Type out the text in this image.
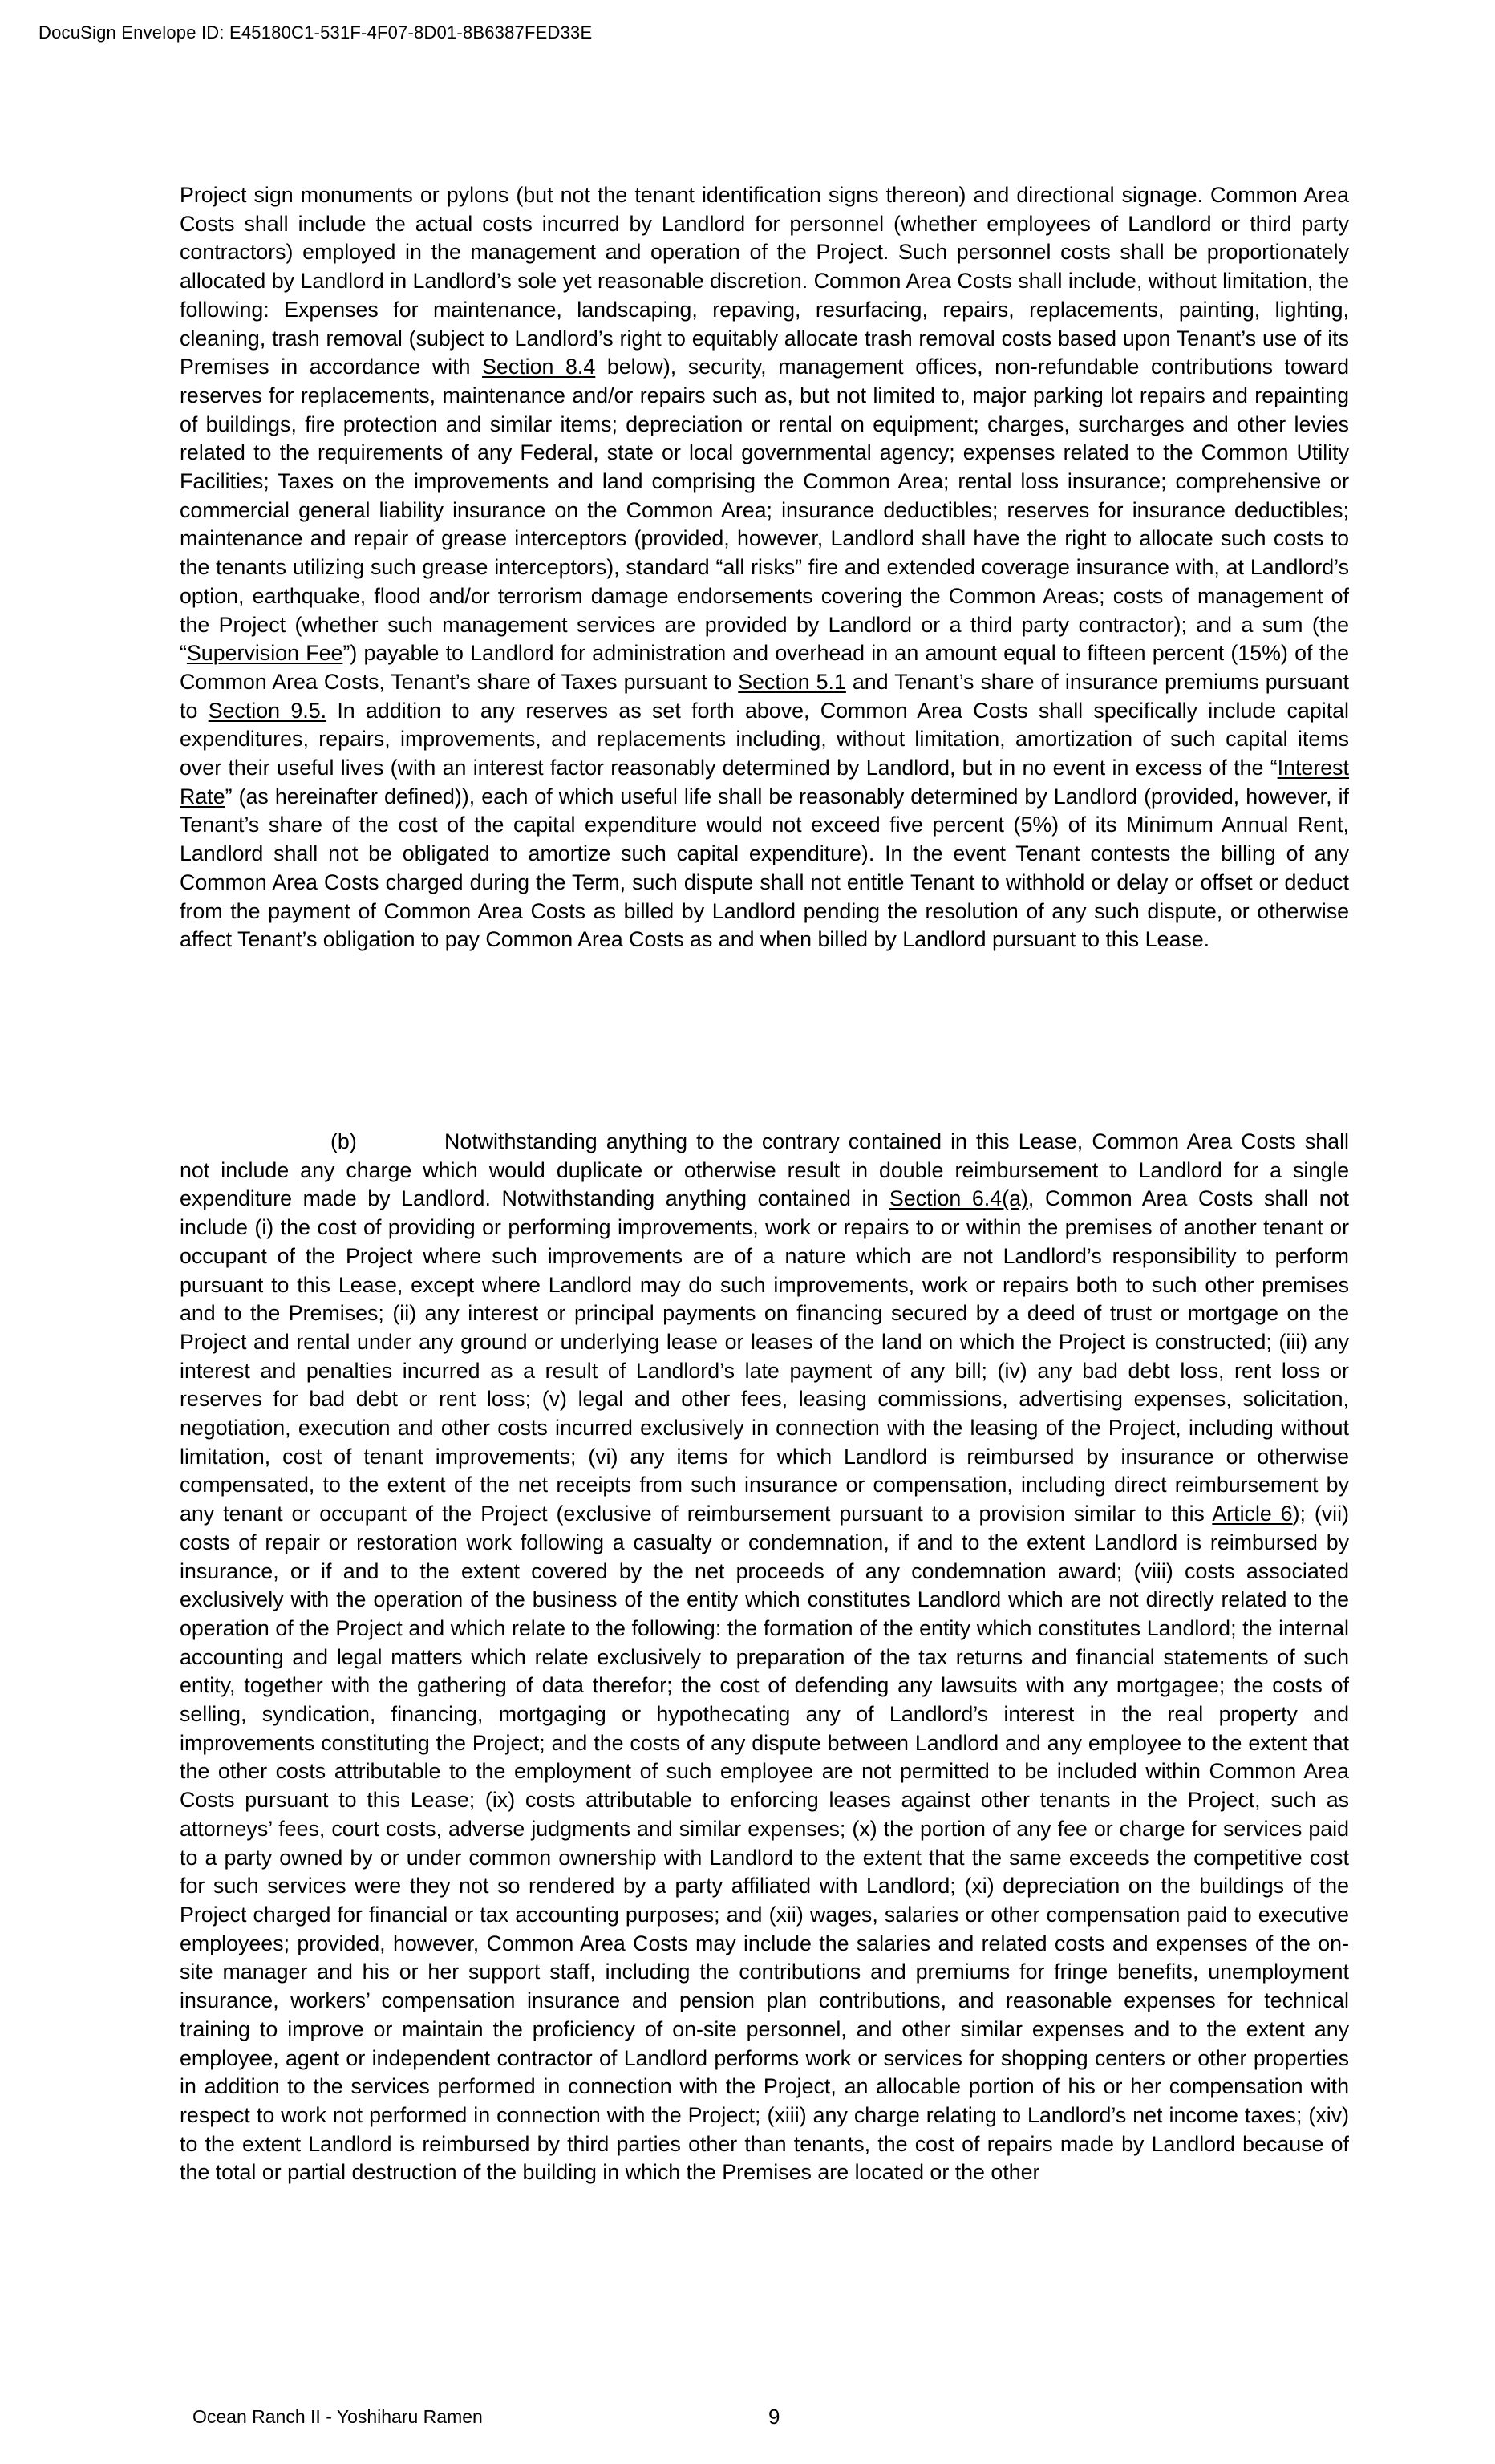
DocuSign Envelope ID: E45180C1-531F-4F07-8D01-8B6387FED33E

Project sign monuments or pylons (but not the tenant identification signs thereon) and directional signage. Common Area Costs shall include the actual costs incurred by Landlord for personnel (whether employees of Landlord or third party contractors) employed in the management and operation of the Project. Such personnel costs shall be proportionately allocated by Landlord in Landlord’s sole yet reasonable discretion. Common Area Costs shall include, without limitation, the following: Expenses for maintenance, landscaping, repaving, resurfacing, repairs, replacements, painting, lighting, cleaning, trash removal (subject to Landlord’s right to equitably allocate trash removal costs based upon Tenant’s use of its Premises in accordance with Section 8.4 below), security, management offices, non-refundable contributions toward reserves for replacements, maintenance and/or repairs such as, but not limited to, major parking lot repairs and repainting of buildings, fire protection and similar items; depreciation or rental on equipment; charges, surcharges and other levies related to the requirements of any Federal, state or local governmental agency; expenses related to the Common Utility Facilities; Taxes on the improvements and land comprising the Common Area; rental loss insurance; comprehensive or commercial general liability insurance on the Common Area; insurance deductibles; reserves for insurance deductibles; maintenance and repair of grease interceptors (provided, however, Landlord shall have the right to allocate such costs to the tenants utilizing such grease interceptors), standard “all risks” fire and extended coverage insurance with, at Landlord’s option, earthquake, flood and/or terrorism damage endorsements covering the Common Areas; costs of management of the Project (whether such management services are provided by Landlord or a third party contractor); and a sum (the “Supervision Fee”) payable to Landlord for administration and overhead in an amount equal to fifteen percent (15%) of the Common Area Costs, Tenant’s share of Taxes pursuant to Section 5.1 and Tenant’s share of insurance premiums pursuant to Section 9.5. In addition to any reserves as set forth above, Common Area Costs shall specifically include capital expenditures, repairs, improvements, and replacements including, without limitation, amortization of such capital items over their useful lives (with an interest factor reasonably determined by Landlord, but in no event in excess of the “Interest Rate” (as hereinafter defined)), each of which useful life shall be reasonably determined by Landlord (provided, however, if Tenant’s share of the cost of the capital expenditure would not exceed five percent (5%) of its Minimum Annual Rent, Landlord shall not be obligated to amortize such capital expenditure). In the event Tenant contests the billing of any Common Area Costs charged during the Term, such dispute shall not entitle Tenant to withhold or delay or offset or deduct from the payment of Common Area Costs as billed by Landlord pending the resolution of any such dispute, or otherwise affect Tenant’s obligation to pay Common Area Costs as and when billed by Landlord pursuant to this Lease.

(b)	Notwithstanding anything to the contrary contained in this Lease, Common Area Costs shall not include any charge which would duplicate or otherwise result in double reimbursement to Landlord for a single expenditure made by Landlord. Notwithstanding anything contained in Section 6.4(a), Common Area Costs shall not include (i) the cost of providing or performing improvements, work or repairs to or within the premises of another tenant or occupant of the Project where such improvements are of a nature which are not Landlord’s responsibility to perform pursuant to this Lease, except where Landlord may do such improvements, work or repairs both to such other premises and to the Premises; (ii) any interest or principal payments on financing secured by a deed of trust or mortgage on the Project and rental under any ground or underlying lease or leases of the land on which the Project is constructed; (iii) any interest and penalties incurred as a result of Landlord’s late payment of any bill; (iv) any bad debt loss, rent loss or reserves for bad debt or rent loss; (v) legal and other fees, leasing commissions, advertising expenses, solicitation, negotiation, execution and other costs incurred exclusively in connection with the leasing of the Project, including without limitation, cost of tenant improvements; (vi) any items for which Landlord is reimbursed by insurance or otherwise compensated, to the extent of the net receipts from such insurance or compensation, including direct reimbursement by any tenant or occupant of the Project (exclusive of reimbursement pursuant to a provision similar to this Article 6); (vii) costs of repair or restoration work following a casualty or condemnation, if and to the extent Landlord is reimbursed by insurance, or if and to the extent covered by the net proceeds of any condemnation award; (viii) costs associated exclusively with the operation of the business of the entity which constitutes Landlord which are not directly related to the operation of the Project and which relate to the following: the formation of the entity which constitutes Landlord; the internal accounting and legal matters which relate exclusively to preparation of the tax returns and financial statements of such entity, together with the gathering of data therefor; the cost of defending any lawsuits with any mortgagee; the costs of selling, syndication, financing, mortgaging or hypothecating any of Landlord’s interest in the real property and improvements constituting the Project; and the costs of any dispute between Landlord and any employee to the extent that the other costs attributable to the employment of such employee are not permitted to be included within Common Area Costs pursuant to this Lease; (ix) costs attributable to enforcing leases against other tenants in the Project, such as attorneys’ fees, court costs, adverse judgments and similar expenses; (x) the portion of any fee or charge for services paid to a party owned by or under common ownership with Landlord to the extent that the same exceeds the competitive cost for such services were they not so rendered by a party affiliated with Landlord; (xi) depreciation on the buildings of the Project charged for financial or tax accounting purposes; and (xii) wages, salaries or other compensation paid to executive employees; provided, however, Common Area Costs may include the salaries and related costs and expenses of the on-site manager and his or her support staff, including the contributions and premiums for fringe benefits, unemployment insurance, workers’ compensation insurance and pension plan contributions, and reasonable expenses for technical training to improve or maintain the proficiency of on-site personnel, and other similar expenses and to the extent any employee, agent or independent contractor of Landlord performs work or services for shopping centers or other properties in addition to the services performed in connection with the Project, an allocable portion of his or her compensation with respect to work not performed in connection with the Project; (xiii) any charge relating to Landlord’s net income taxes; (xiv) to the extent Landlord is reimbursed by third parties other than tenants, the cost of repairs made by Landlord because of the total or partial destruction of the building in which the Premises are located or the other

Ocean Ranch II - Yoshiharu Ramen	9
